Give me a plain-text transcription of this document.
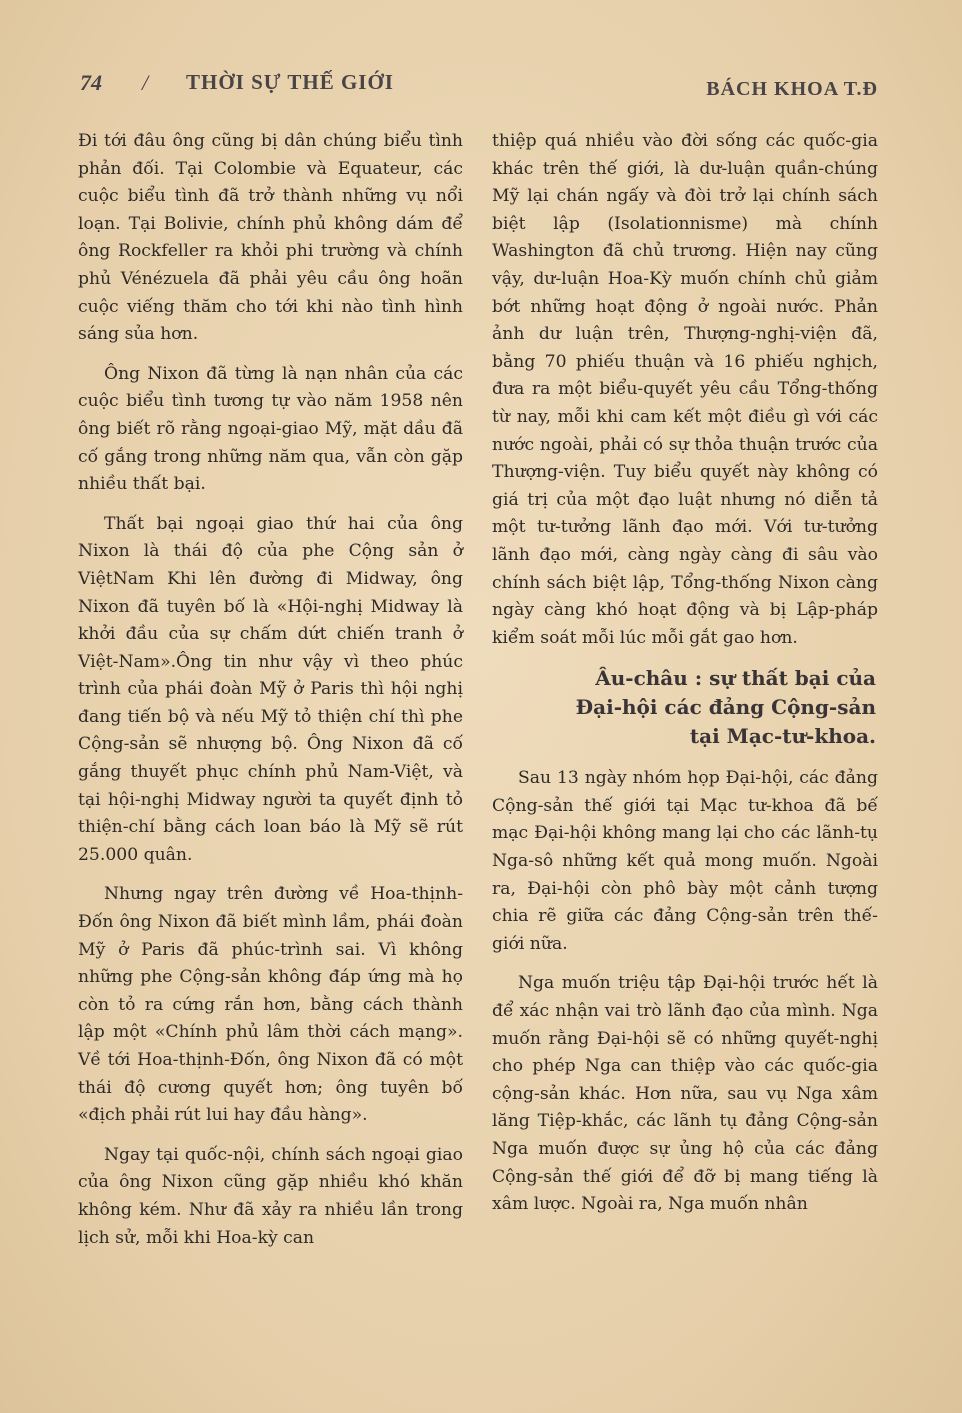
74 / THỜI SỰ THẾ GIỚI	BÁCH KHOA T.Đ

Đi tới đâu ông cũng bị dân chúng biểu tình phản đối. Tại Colombie và Equateur, các cuộc biểu tình đã trở thành những vụ nổi loạn. Tại Bolivie, chính phủ không dám để ông Rockfeller ra khỏi phi trường và chính phủ Vénézuela đã phải yêu cầu ông hoãn cuộc viếng thăm cho tới khi nào tình hình sáng sủa hơn.

Ông Nixon đã từng là nạn nhân của các cuộc biểu tình tương tự vào năm 1958 nên ông biết rõ rằng ngoại-giao Mỹ, mặt dầu đã cố gắng trong những năm qua, vẫn còn gặp nhiều thất bại.

Thất bại ngoại giao thứ hai của ông Nixon là thái độ của phe Cộng sản ở ViệtNam Khi lên đường đi Midway, ông Nixon đã tuyên bố là «Hội-nghị Midway là khởi đầu của sự chấm dứt chiến tranh ở Việt-Nam».Ông tin như vậy vì theo phúc trình của phái đoàn Mỹ ở Paris thì hội nghị đang tiến bộ và nếu Mỹ tỏ thiện chí thì phe Cộng-sản sẽ nhượng bộ. Ông Nixon đã cố gắng thuyết phục chính phủ Nam-Việt, và tại hội-nghị Midway người ta quyết định tỏ thiện-chí bằng cách loan báo là Mỹ sẽ rút 25.000 quân.

Nhưng ngay trên đường về Hoa-thịnh-Đốn ông Nixon đã biết mình lầm, phái đoàn Mỹ ở Paris đã phúc-trình sai. Vì không những phe Cộng-sản không đáp ứng mà họ còn tỏ ra cứng rắn hơn, bằng cách thành lập một «Chính phủ lâm thời cách mạng». Về tới Hoa-thịnh-Đốn, ông Nixon đã có một thái độ cương quyết hơn; ông tuyên bố «địch phải rút lui hay đầu hàng».

Ngay tại quốc-nội, chính sách ngoại giao của ông Nixon cũng gặp nhiều khó khăn không kém. Như đã xảy ra nhiều lần trong lịch sử, mỗi khi Hoa-kỳ can

thiệp quá nhiều vào đời sống các quốc-gia khác trên thế giới, là dư-luận quần-chúng Mỹ lại chán ngấy và đòi trở lại chính sách biệt lập (Isolationnisme) mà chính Washington đã chủ trương. Hiện nay cũng vậy, dư-luận Hoa-Kỳ muốn chính chủ giảm bớt những hoạt động ở ngoài nước. Phản ảnh dư luận trên, Thượng-nghị-viện đã, bằng 70 phiếu thuận và 16 phiếu nghịch, đưa ra một biểu-quyết yêu cầu Tổng-thống từ nay, mỗi khi cam kết một điều gì với các nước ngoài, phải có sự thỏa thuận trước của Thượng-viện. Tuy biểu quyết này không có giá trị của một đạo luật nhưng nó diễn tả một tư-tưởng lãnh đạo mới. Với tư-tưởng lãnh đạo mới, càng ngày càng đi sâu vào chính sách biệt lập, Tổng-thống Nixon càng ngày càng khó hoạt động và bị Lập-pháp kiểm soát mỗi lúc mỗi gắt gao hơn.

Âu-châu : sự thất bại của
Đại-hội các đảng Cộng-sản
tại Mạc-tư-khoa.

Sau 13 ngày nhóm họp Đại-hội, các đảng Cộng-sản thế giới tại Mạc tư-khoa đã bế mạc Đại-hội không mang lại cho các lãnh-tụ Nga-sô những kết quả mong muốn. Ngoài ra, Đại-hội còn phô bày một cảnh tượng chia rẽ giữa các đảng Cộng-sản trên thế-giới nữa.

Nga muốn triệu tập Đại-hội trước hết là để xác nhận vai trò lãnh đạo của mình. Nga muốn rằng Đại-hội sẽ có những quyết-nghị cho phép Nga can thiệp vào các quốc-gia cộng-sản khác. Hơn nữa, sau vụ Nga xâm lăng Tiệp-khắc, các lãnh tụ đảng Cộng-sản Nga muốn được sự ủng hộ của các đảng Cộng-sản thế giới để đỡ bị mang tiếng là xâm lược. Ngoài ra, Nga muốn nhân
